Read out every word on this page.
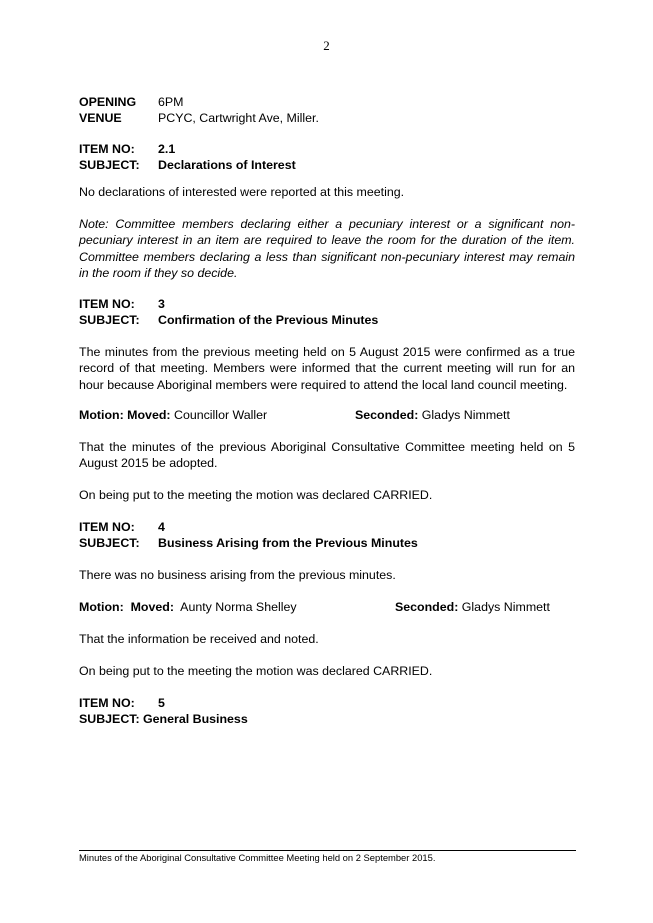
2
OPENING 6PM
VENUE	PCYC, Cartwright Ave, Miller.
ITEM NO: 2.1
SUBJECT: Declarations of Interest
No declarations of interested were reported at this meeting.
Note: Committee members declaring either a pecuniary interest or a significant non-pecuniary interest in an item are required to leave the room for the duration of the item. Committee members declaring a less than significant non-pecuniary interest may remain in the room if they so decide.
ITEM NO: 3
SUBJECT: Confirmation of the Previous Minutes
The minutes from the previous meeting held on 5 August 2015 were confirmed as a true record of that meeting. Members were informed that the current meeting will run for an hour because Aboriginal members were required to attend the local land council meeting.
Motion: Moved: Councillor Waller	Seconded: Gladys Nimmett
That the minutes of the previous Aboriginal Consultative Committee meeting held on 5 August 2015 be adopted.
On being put to the meeting the motion was declared CARRIED.
ITEM NO: 4
SUBJECT: Business Arising from the Previous Minutes
There was no business arising from the previous minutes.
Motion:  Moved:  Aunty Norma Shelley	Seconded: Gladys Nimmett
That the information be received and noted.
On being put to the meeting the motion was declared CARRIED.
ITEM NO: 5
SUBJECT: General Business
Minutes of the Aboriginal Consultative Committee Meeting held on 2 September 2015.
